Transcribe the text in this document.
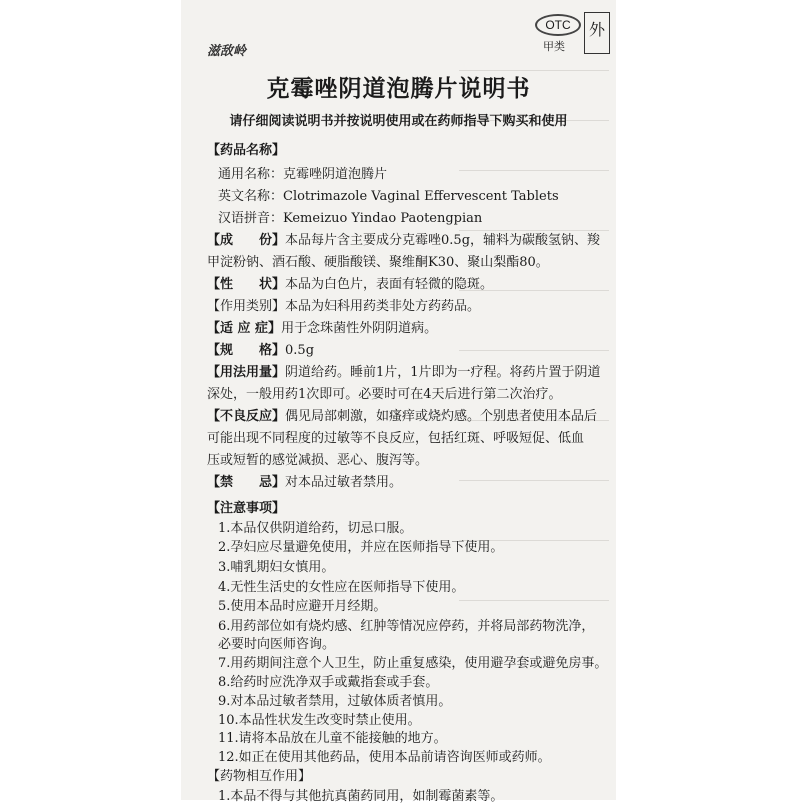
滋敌岭
OTC
甲类
外
克霉唑阴道泡腾片说明书
请仔细阅读说明书并按说明使用或在药师指导下购买和使用
【药品名称】
通用名称：克霉唑阴道泡腾片
英文名称：Clotrimazole Vaginal Effervescent Tablets
汉语拼音：Kemeizuo Yindao Paotengpian
【成　　份】本品每片含主要成分克霉唑0.5g，辅料为碳酸氢钠、羧
甲淀粉钠、酒石酸、硬脂酸镁、聚维酮K30、聚山梨酯80。
【性　　状】本品为白色片，表面有轻微的隐斑。
【作用类别】本品为妇科用药类非处方药药品。
【适 应 症】用于念珠菌性外阴阴道病。
【规　　格】0.5g
【用法用量】阴道给药。睡前1片，1片即为一疗程。将药片置于阴道
深处，一般用药1次即可。必要时可在4天后进行第二次治疗。
【不良反应】偶见局部刺激，如瘙痒或烧灼感。个别患者使用本品后
可能出现不同程度的过敏等不良反应，包括红斑、呼吸短促、低血
压或短暂的感觉减损、恶心、腹泻等。
【禁　　忌】对本品过敏者禁用。
【注意事项】
1.本品仅供阴道给药，切忌口服。
2.孕妇应尽量避免使用，并应在医师指导下使用。
3.哺乳期妇女慎用。
4.无性生活史的女性应在医师指导下使用。
5.使用本品时应避开月经期。
6.用药部位如有烧灼感、红肿等情况应停药，并将局部药物洗净，
必要时向医师咨询。
7.用药期间注意个人卫生，防止重复感染，使用避孕套或避免房事。
8.给药时应洗净双手或戴指套或手套。
9.对本品过敏者禁用，过敏体质者慎用。
10.本品性状发生改变时禁止使用。
11.请将本品放在儿童不能接触的地方。
12.如正在使用其他药品，使用本品前请咨询医师或药师。
【药物相互作用】
1.本品不得与其他抗真菌药同用，如制霉菌素等。
